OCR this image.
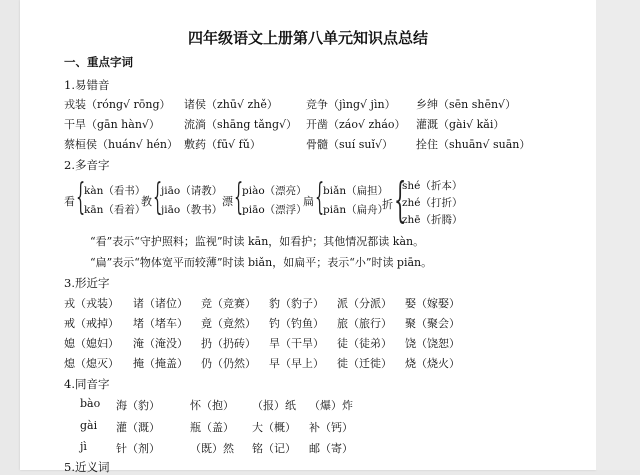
四年级语文上册第八单元知识点总结
一、重点字词
1.易错音
戎装（róng√ rōng） 诸侯（zhū√ zhě）	竞争（jìng√ jìn） 乡绅（sēn shēn√）
干旱（gān hàn√） 流淌（shāng tǎng√） 开凿（záo√ zháo） 灌溉（gài√ kǎi）
蔡桓侯（huán√ hén） 敷药（fū√ fǔ）	骨髓（suí suǐ√） 拴住（shuān√ suān）
2.多音字
看 {
kàn（看书）
kān（看着）
教 {
jiāo（请教）
jiāo（教书）
漂 {
piào（漂亮）
piāo（漂浮）
扁 {
biǎn（扁担）
piān（扁舟）
折 {
shé（折本）
zhé（打折）
zhē（折腾）
“看”表示“守护照料；监视”时读 kān，如看护；其他情况都读 kàn。
“扁”表示“物体宽平而较薄”时读 biǎn，如扁平；表示“小”时读 piān。
3.形近字
戎（戎装） 诸（诸位） 竞（竞赛） 豹（豹子） 派（分派） 娶（嫁娶）
戒（戒掉） 堵（堵车） 竟（竟然） 钓（钓鱼） 旅（旅行） 聚（聚会）
媳（媳妇） 淹（淹没） 扔（扔砖） 旱（干旱） 徒（徒弟） 饶（饶恕）
熄（熄灭） 掩（掩盖） 仍（仍然） 早（早上） 徙（迁徙） 烧（烧火）
4.同音字
bào 海（豹）	怀（抱） （报）纸 （爆）炸
gài 灌（溉）	瓶（盖） 大（概） 补（钙）
jì	针（剂）	（既）然 铭（记） 邮（寄）
5.近义词
